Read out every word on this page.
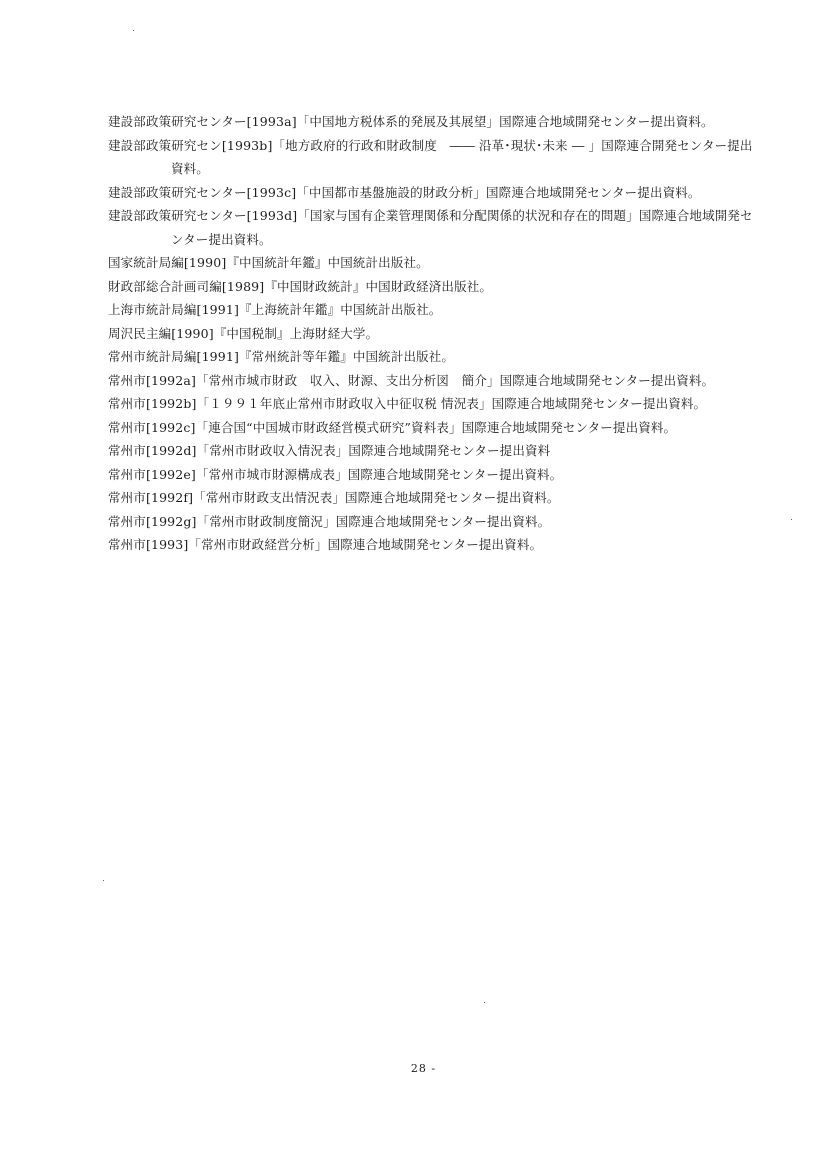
建設部政策研究センター[1993a]「中国地方税体系的発展及其展望」国際連合地域開発センター提出資料。
建設部政策研究セン[1993b]「地方政府的行政和財政制度　―― 沿革･現状･未来 ― 」国際連合開発センター提出資料。
建設部政策研究センター[1993c]「中国都市基盤施設的財政分析」国際連合地域開発センター提出資料。
建設部政策研究センター[1993d]「国家与国有企業管理関係和分配関係的状況和存在的問題」国際連合地域開発センター提出資料。
国家統計局編[1990]『中国統計年鑑』中国統計出版社。
財政部総合計画司編[1989]『中国財政統計』中国財政経済出版社。
上海市統計局編[1991]『上海統計年鑑』中国統計出版社。
周沢民主編[1990]『中国税制』上海財経大学。
常州市統計局編[1991]『常州統計等年鑑』中国統計出版社。
常州市[1992a]「常州市城市財政　収入、財源、支出分析図　簡介」国際連合地域開発センター提出資料。
常州市[1992b]「１９９１年底止常州市財政収入中征収税 情況表」国際連合地域開発センター提出資料。
常州市[1992c]「連合国“中国城市財政経営模式研究”資料表」国際連合地域開発センター提出資料。
常州市[1992d]「常州市財政収入情況表」国際連合地域開発センター提出資料
常州市[1992e]「常州市城市財源構成表」国際連合地域開発センター提出資料。
常州市[1992f]「常州市財政支出情況表」国際連合地域開発センター提出資料。
常州市[1992g]「常州市財政制度簡況」国際連合地域開発センター提出資料。
常州市[1993]「常州市財政経営分析」国際連合地域開発センター提出資料。
28 -
